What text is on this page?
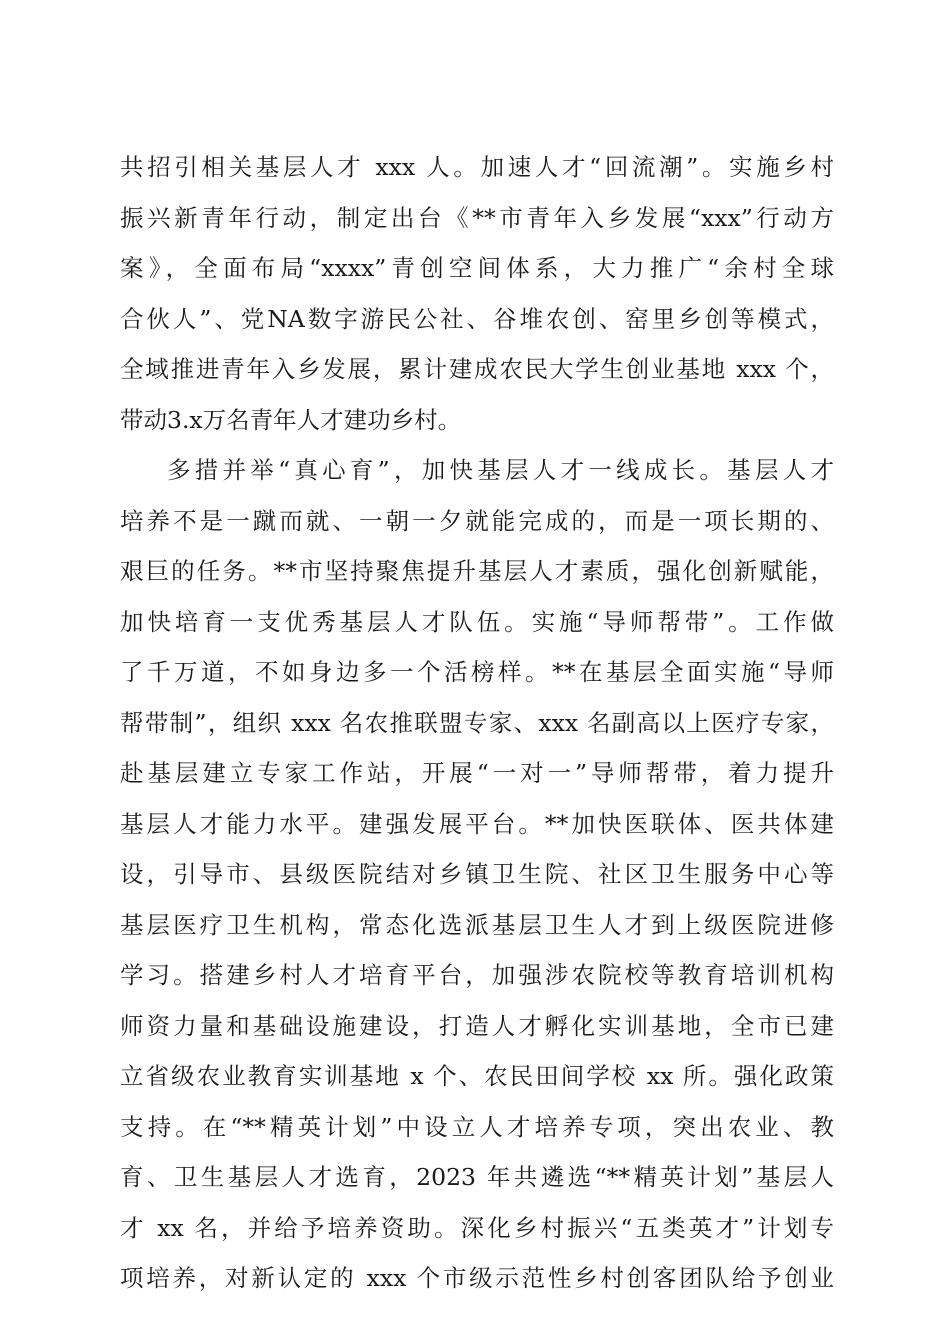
共招引相关基层人才 xxx 人。加速人才“回流潮”。实施乡村
振兴新青年行动，制定出台《**市青年入乡发展“xxx”行动方
案》，全面布局“xxxx”青创空间体系，大力推广“余村全球
合伙人”、党NA数字游民公社、谷堆农创、窑里乡创等模式，
全域推进青年入乡发展，累计建成农民大学生创业基地 xxx 个，
带动3.x万名青年人才建功乡村。
多措并举“真心育”，加快基层人才一线成长。基层人才
培养不是一蹴而就、一朝一夕就能完成的，而是一项长期的、
艰巨的任务。**市坚持聚焦提升基层人才素质，强化创新赋能，
加快培育一支优秀基层人才队伍。实施“导师帮带”。工作做
了千万道，不如身边多一个活榜样。**在基层全面实施“导师
帮带制”，组织 xxx 名农推联盟专家、xxx 名副高以上医疗专家，
赴基层建立专家工作站，开展“一对一”导师帮带，着力提升
基层人才能力水平。建强发展平台。**加快医联体、医共体建
设，引导市、县级医院结对乡镇卫生院、社区卫生服务中心等
基层医疗卫生机构，常态化选派基层卫生人才到上级医院进修
学习。搭建乡村人才培育平台，加强涉农院校等教育培训机构
师资力量和基础设施建设，打造人才孵化实训基地，全市已建
立省级农业教育实训基地 x 个、农民田间学校 xx 所。强化政策
支持。在“**精英计划”中设立人才培养专项，突出农业、教
育、卫生基层人才选育，2023 年共遴选“**精英计划”基层人
才 xx 名，并给予培养资助。深化乡村振兴“五类英才”计划专
项培养，对新认定的 xxx 个市级示范性乡村创客团队给予创业
